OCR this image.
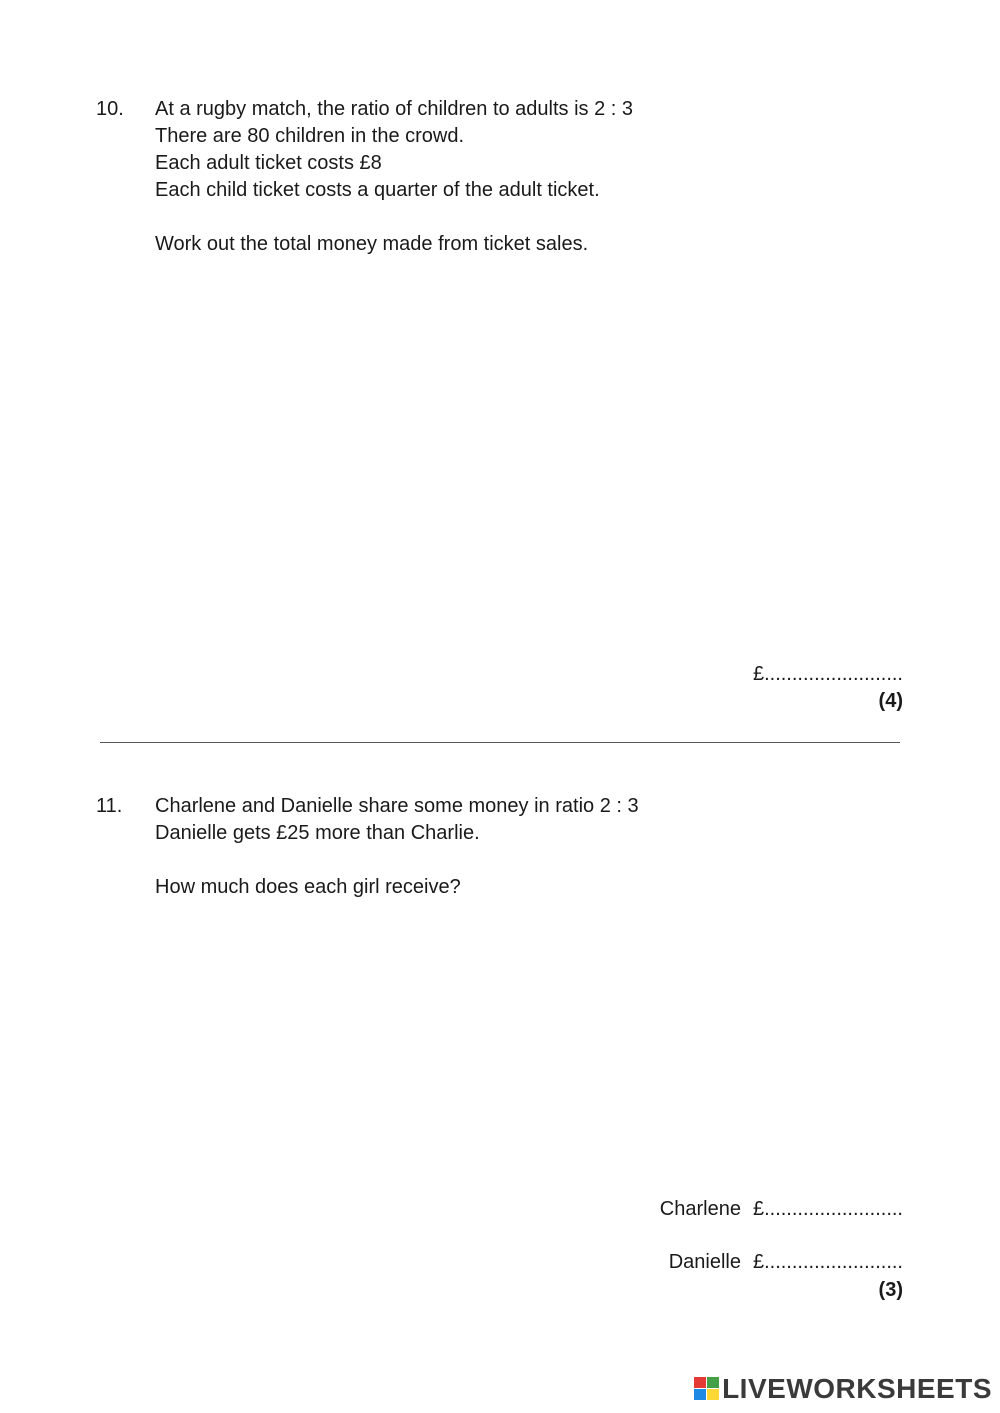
10. At a rugby match, the ratio of children to adults is 2 : 3
There are 80 children in the crowd.
Each adult ticket costs £8
Each child ticket costs a quarter of the adult ticket.
Work out the total money made from ticket sales.
£.........................
(4)
11. Charlene and Danielle share some money in ratio 2 : 3
Danielle gets £25 more than Charlie.
How much does each girl receive?
Charlene £.........................
Danielle £.........................
(3)
LIVEWORKSHEETS
